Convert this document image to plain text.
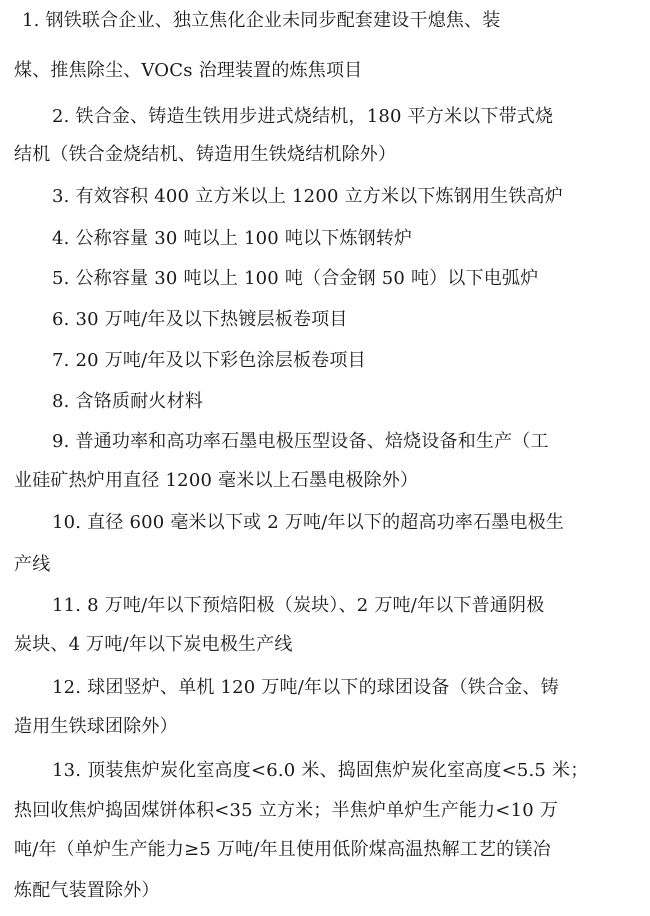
1. 钢铁联合企业、独立焦化企业未同步配套建设干熄焦、装
煤、推焦除尘、VOCs 治理装置的炼焦项目
2. 铁合金、铸造生铁用步进式烧结机，180 平方米以下带式烧
结机（铁合金烧结机、铸造用生铁烧结机除外）
3. 有效容积 400 立方米以上 1200 立方米以下炼钢用生铁高炉
4. 公称容量 30 吨以上 100 吨以下炼钢转炉
5. 公称容量 30 吨以上 100 吨（合金钢 50 吨）以下电弧炉
6. 30 万吨/年及以下热镀层板卷项目
7. 20 万吨/年及以下彩色涂层板卷项目
8. 含铬质耐火材料
9. 普通功率和高功率石墨电极压型设备、焙烧设备和生产（工
业硅矿热炉用直径 1200 毫米以上石墨电极除外）
10. 直径 600 毫米以下或 2 万吨/年以下的超高功率石墨电极生
产线
11. 8 万吨/年以下预焙阳极（炭块）、2 万吨/年以下普通阴极
炭块、4 万吨/年以下炭电极生产线
12. 球团竖炉、单机 120 万吨/年以下的球团设备（铁合金、铸
造用生铁球团除外）
13. 顶装焦炉炭化室高度<6.0 米、捣固焦炉炭化室高度<5.5 米；
热回收焦炉捣固煤饼体积<35 立方米；半焦炉单炉生产能力<10 万
吨/年（单炉生产能力≥5 万吨/年且使用低阶煤高温热解工艺的镁冶
炼配气装置除外）
